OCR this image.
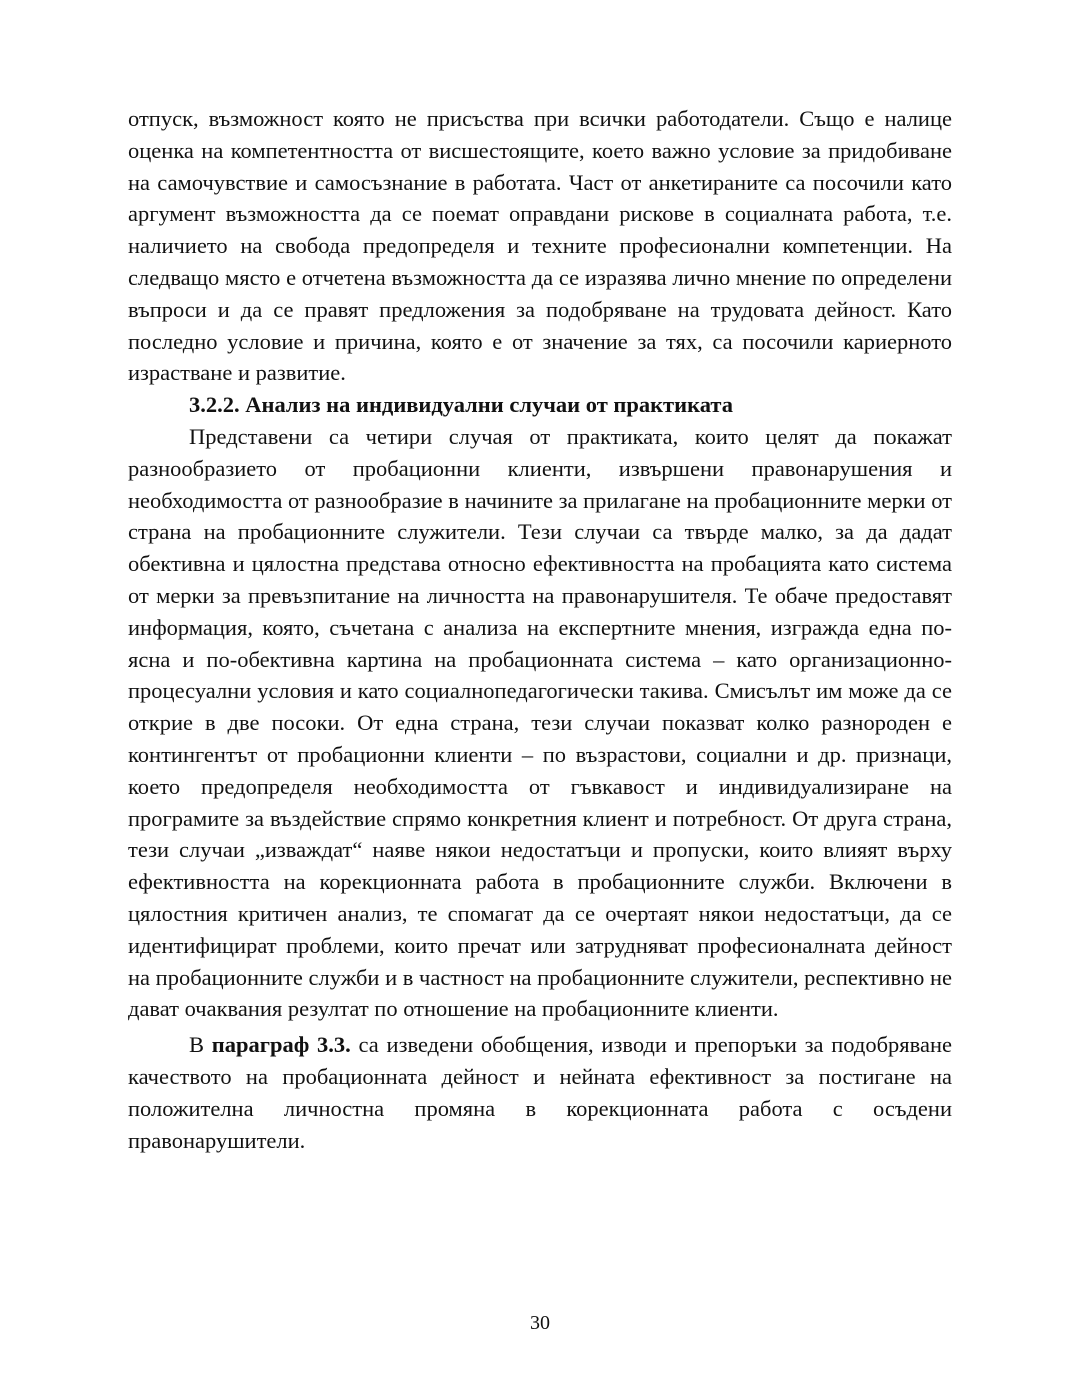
отпуск, възможност която не присъства при всички работодатели. Също е налице оценка на компетентността от висшестоящите, което важно условие за придобиване на самочувствие и самосъзнание в работата. Част от анкетираните са посочили като аргумент възможността да се поемат оправдани рискове в социалната работа, т.е. наличието на свобода предопределя и техните професионални компетенции. На следващо място е отчетена възможността да се изразява лично мнение по определени въпроси и да се правят предложения за подобряване на трудовата дейност. Като последно условие и причина, която е от значение за тях, са посочили кариерното израстване и развитие.

3.2.2. Анализ на индивидуални случаи от практиката

Представени са четири случая от практиката, които целят да покажат разнообразието от пробационни клиенти, извършени правонарушения и необходимостта от разнообразие в начините за прилагане на пробационните мерки от страна на пробационните служители. Тези случаи са твърде малко, за да дадат обективна и цялостна представа относно ефективността на пробацията като система от мерки за превъзпитание на личността на правонарушителя. Те обаче предоставят информация, която, съчетана с анализа на експертните мнения, изгражда една по-ясна и по-обективна картина на пробационната система – като организационно-процесуални условия и като социалнопедагогически такива. Смисълът им може да се открие в две посоки. От една страна, тези случаи показват колко разнороден е контингентът от пробационни клиенти – по възрастови, социални и др. признаци, което предопределя необходимостта от гъвкавост и индивидуализиране на програмите за въздействие спрямо конкретния клиент и потребност. От друга страна, тези случаи „изваждат“ наяве някои недостатъци и пропуски, които влияят върху ефективността на корекционната работа в пробационните служби. Включени в цялостния критичен анализ, те спомагат да се очертаят някои недостатъци, да се идентифицират проблеми, които пречат или затрудняват професионалната дейност на пробационните служби и в частност на пробационните служители, респективно не дават очаквания резултат по отношение на пробационните клиенти.

В параграф 3.3. са изведени обобщения, изводи и препоръки за подобряване качеството на пробационната дейност и нейната ефективност за постигане на положителна личностна промяна в корекционната работа с осъдени правонарушители.

30
